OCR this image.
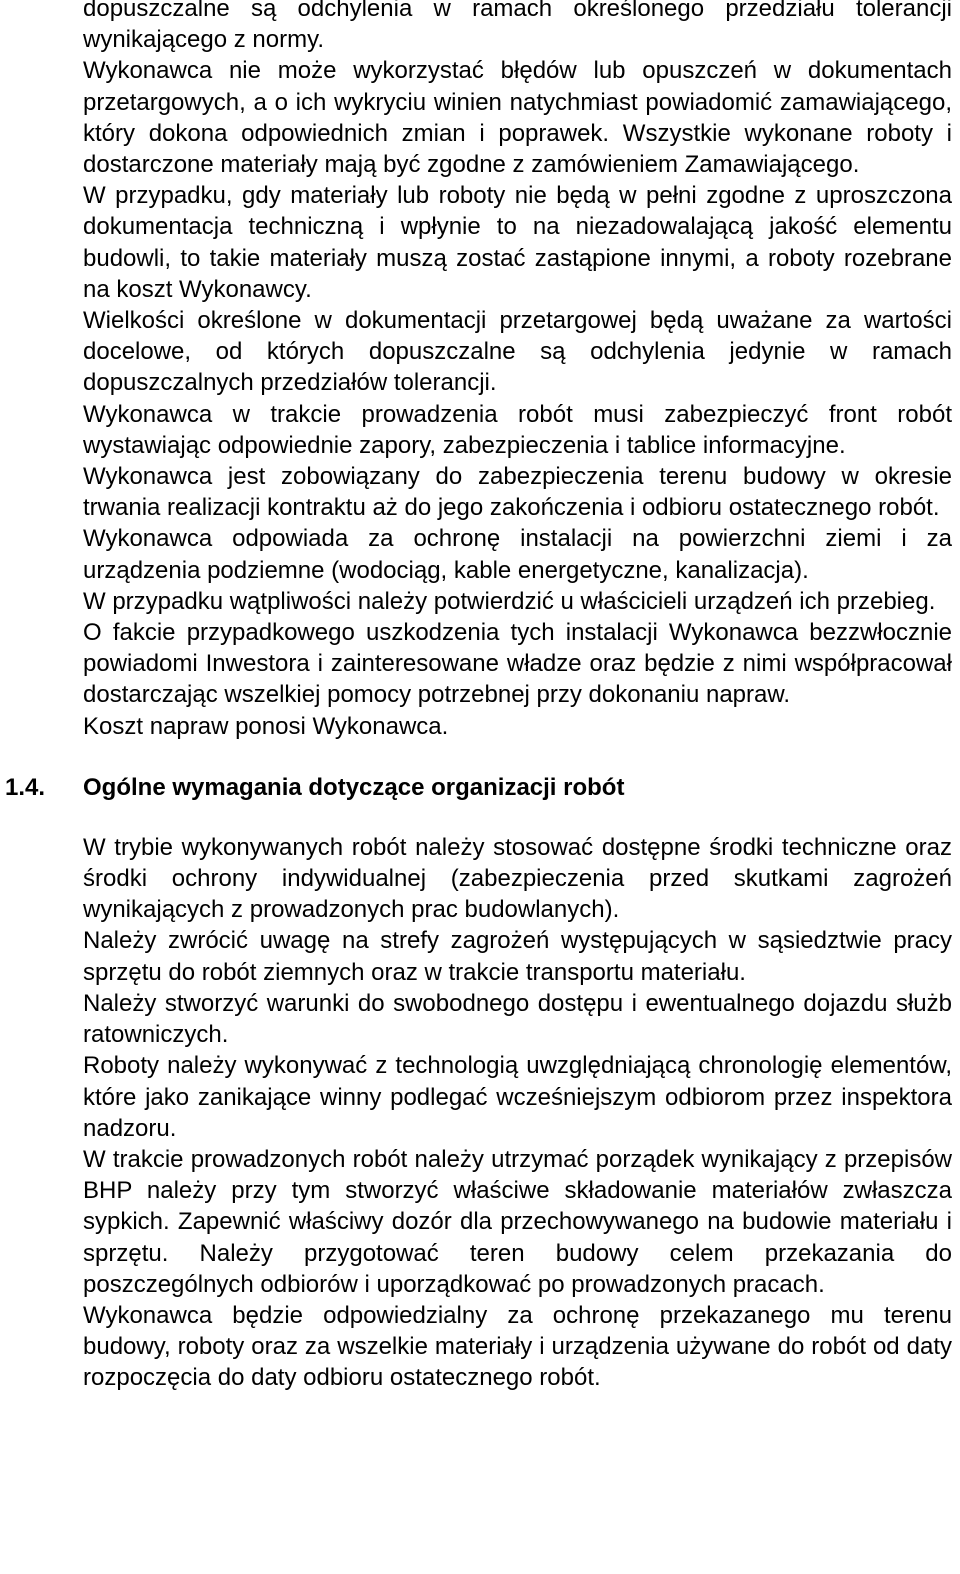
dopuszczalne są odchylenia w ramach określonego przedziału tolerancji wynikającego z normy.

Wykonawca nie może wykorzystać błędów lub opuszczeń w dokumentach przetargowych, a o ich wykryciu winien natychmiast powiadomić zamawiającego, który dokona odpowiednich zmian i poprawek. Wszystkie wykonane roboty i dostarczone materiały mają być zgodne z zamówieniem Zamawiającego.

W przypadku, gdy materiały lub roboty nie będą w pełni zgodne z uproszczona dokumentacja techniczną i wpłynie to na niezadowalającą jakość elementu budowli, to takie materiały muszą zostać zastąpione innymi, a roboty rozebrane na koszt Wykonawcy.

Wielkości określone w dokumentacji przetargowej będą uważane za wartości docelowe, od których dopuszczalne są odchylenia jedynie w ramach dopuszczalnych przedziałów tolerancji.

Wykonawca w trakcie prowadzenia robót musi zabezpieczyć front robót wystawiając odpowiednie zapory, zabezpieczenia i tablice informacyjne.

Wykonawca jest zobowiązany do zabezpieczenia terenu budowy w okresie trwania realizacji kontraktu aż do jego zakończenia i odbioru ostatecznego robót.

Wykonawca odpowiada za ochronę instalacji na powierzchni ziemi i za urządzenia podziemne (wodociąg, kable energetyczne, kanalizacja).

W przypadku wątpliwości należy potwierdzić u właścicieli urządzeń ich przebieg.

O fakcie przypadkowego uszkodzenia tych instalacji Wykonawca bezzwłocznie powiadomi Inwestora i zainteresowane władze oraz będzie z nimi współpracował dostarczając wszelkiej pomocy potrzebnej przy dokonaniu napraw.

Koszt napraw ponosi Wykonawca.

1.4. Ogólne wymagania dotyczące organizacji robót

W trybie wykonywanych robót należy stosować dostępne środki techniczne oraz środki ochrony indywidualnej (zabezpieczenia przed skutkami zagrożeń wynikających z prowadzonych prac budowlanych).

Należy zwrócić uwagę na strefy zagrożeń występujących w sąsiedztwie pracy sprzętu do robót ziemnych oraz w trakcie transportu materiału.

Należy stworzyć warunki do swobodnego dostępu i ewentualnego dojazdu służb ratowniczych.

Roboty należy wykonywać z technologią uwzględniającą chronologię elementów, które jako zanikające winny podlegać wcześniejszym odbiorom przez inspektora nadzoru.

W trakcie prowadzonych robót należy utrzymać porządek wynikający z przepisów BHP należy przy tym stworzyć właściwe składowanie materiałów zwłaszcza sypkich. Zapewnić właściwy dozór dla przechowywanego na budowie materiału i sprzętu. Należy przygotować teren budowy celem przekazania do poszczególnych odbiorów i uporządkować po prowadzonych pracach.

Wykonawca będzie odpowiedzialny za ochronę przekazanego mu terenu budowy, roboty oraz za wszelkie materiały i urządzenia używane do robót od daty rozpoczęcia do daty odbioru ostatecznego robót.
